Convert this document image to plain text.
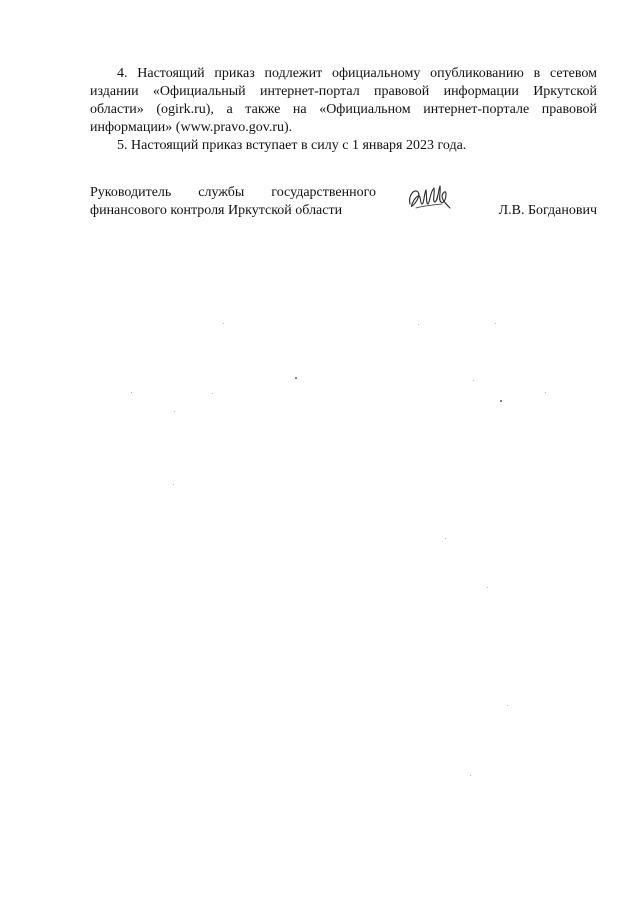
4. Настоящий приказ подлежит официальному опубликованию в сетевом издании «Официальный интернет-портал правовой информации Иркутской области» (ogirk.ru), а также на «Официальном интернет-портале правовой информации» (www.pravo.gov.ru).

5. Настоящий приказ вступает в силу с 1 января 2023 года.

Руководитель службы государственного
финансового контроля Иркутской области	Л.В. Богданович
